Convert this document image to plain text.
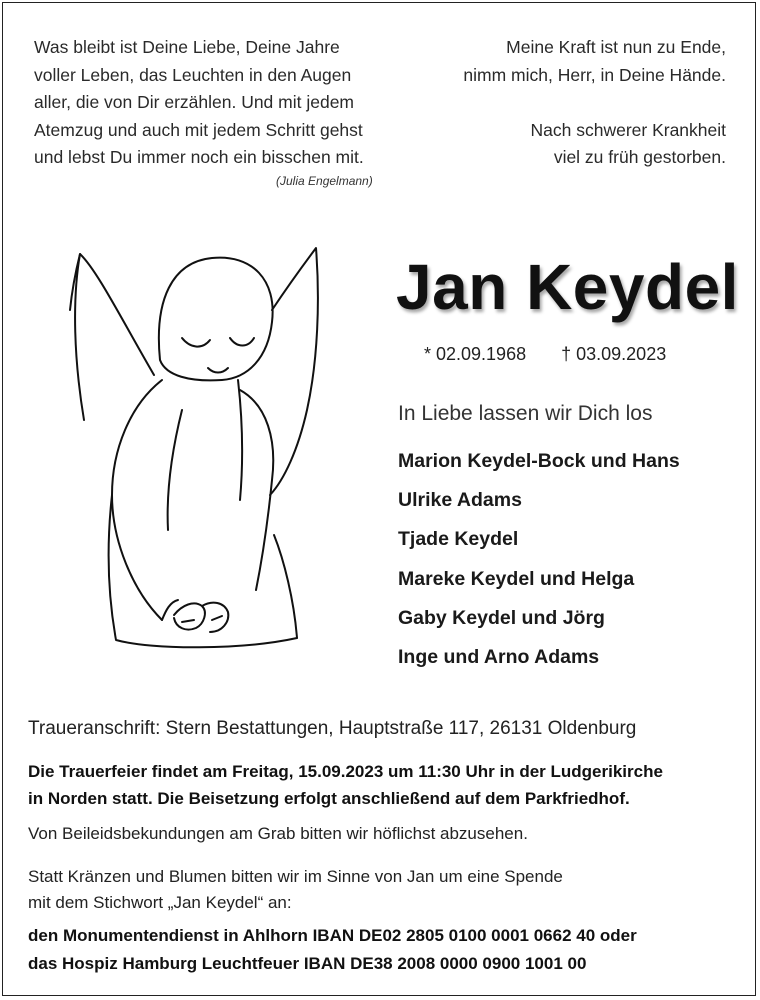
Was bleibt ist Deine Liebe, Deine Jahre
voller Leben, das Leuchten in den Augen
aller, die von Dir erzählen. Und mit jedem
Atemzug und auch mit jedem Schritt gehst
und lebst Du immer noch ein bisschen mit.
(Julia Engelmann)
Meine Kraft ist nun zu Ende,
nimm mich, Herr, in Deine Hände.
Nach schwerer Krankheit
viel zu früh gestorben.
Jan Keydel
* 02.09.1968 † 03.09.2023
In Liebe lassen wir Dich los
Marion Keydel-Bock und Hans
Ulrike Adams
Tjade Keydel
Mareke Keydel und Helga
Gaby Keydel und Jörg
Inge und Arno Adams
Traueranschrift: Stern Bestattungen, Hauptstraße 117, 26131 Oldenburg
Die Trauerfeier findet am Freitag, 15.09.2023 um 11:30 Uhr in der Ludgerikirche
in Norden statt. Die Beisetzung erfolgt anschließend auf dem Parkfriedhof.
Von Beileidsbekundungen am Grab bitten wir höflichst abzusehen.
Statt Kränzen und Blumen bitten wir im Sinne von Jan um eine Spende
mit dem Stichwort „Jan Keydel“ an:
den Monumentendienst in Ahlhorn IBAN DE02 2805 0100 0001 0662 40 oder
das Hospiz Hamburg Leuchtfeuer IBAN DE38 2008 0000 0900 1001 00
